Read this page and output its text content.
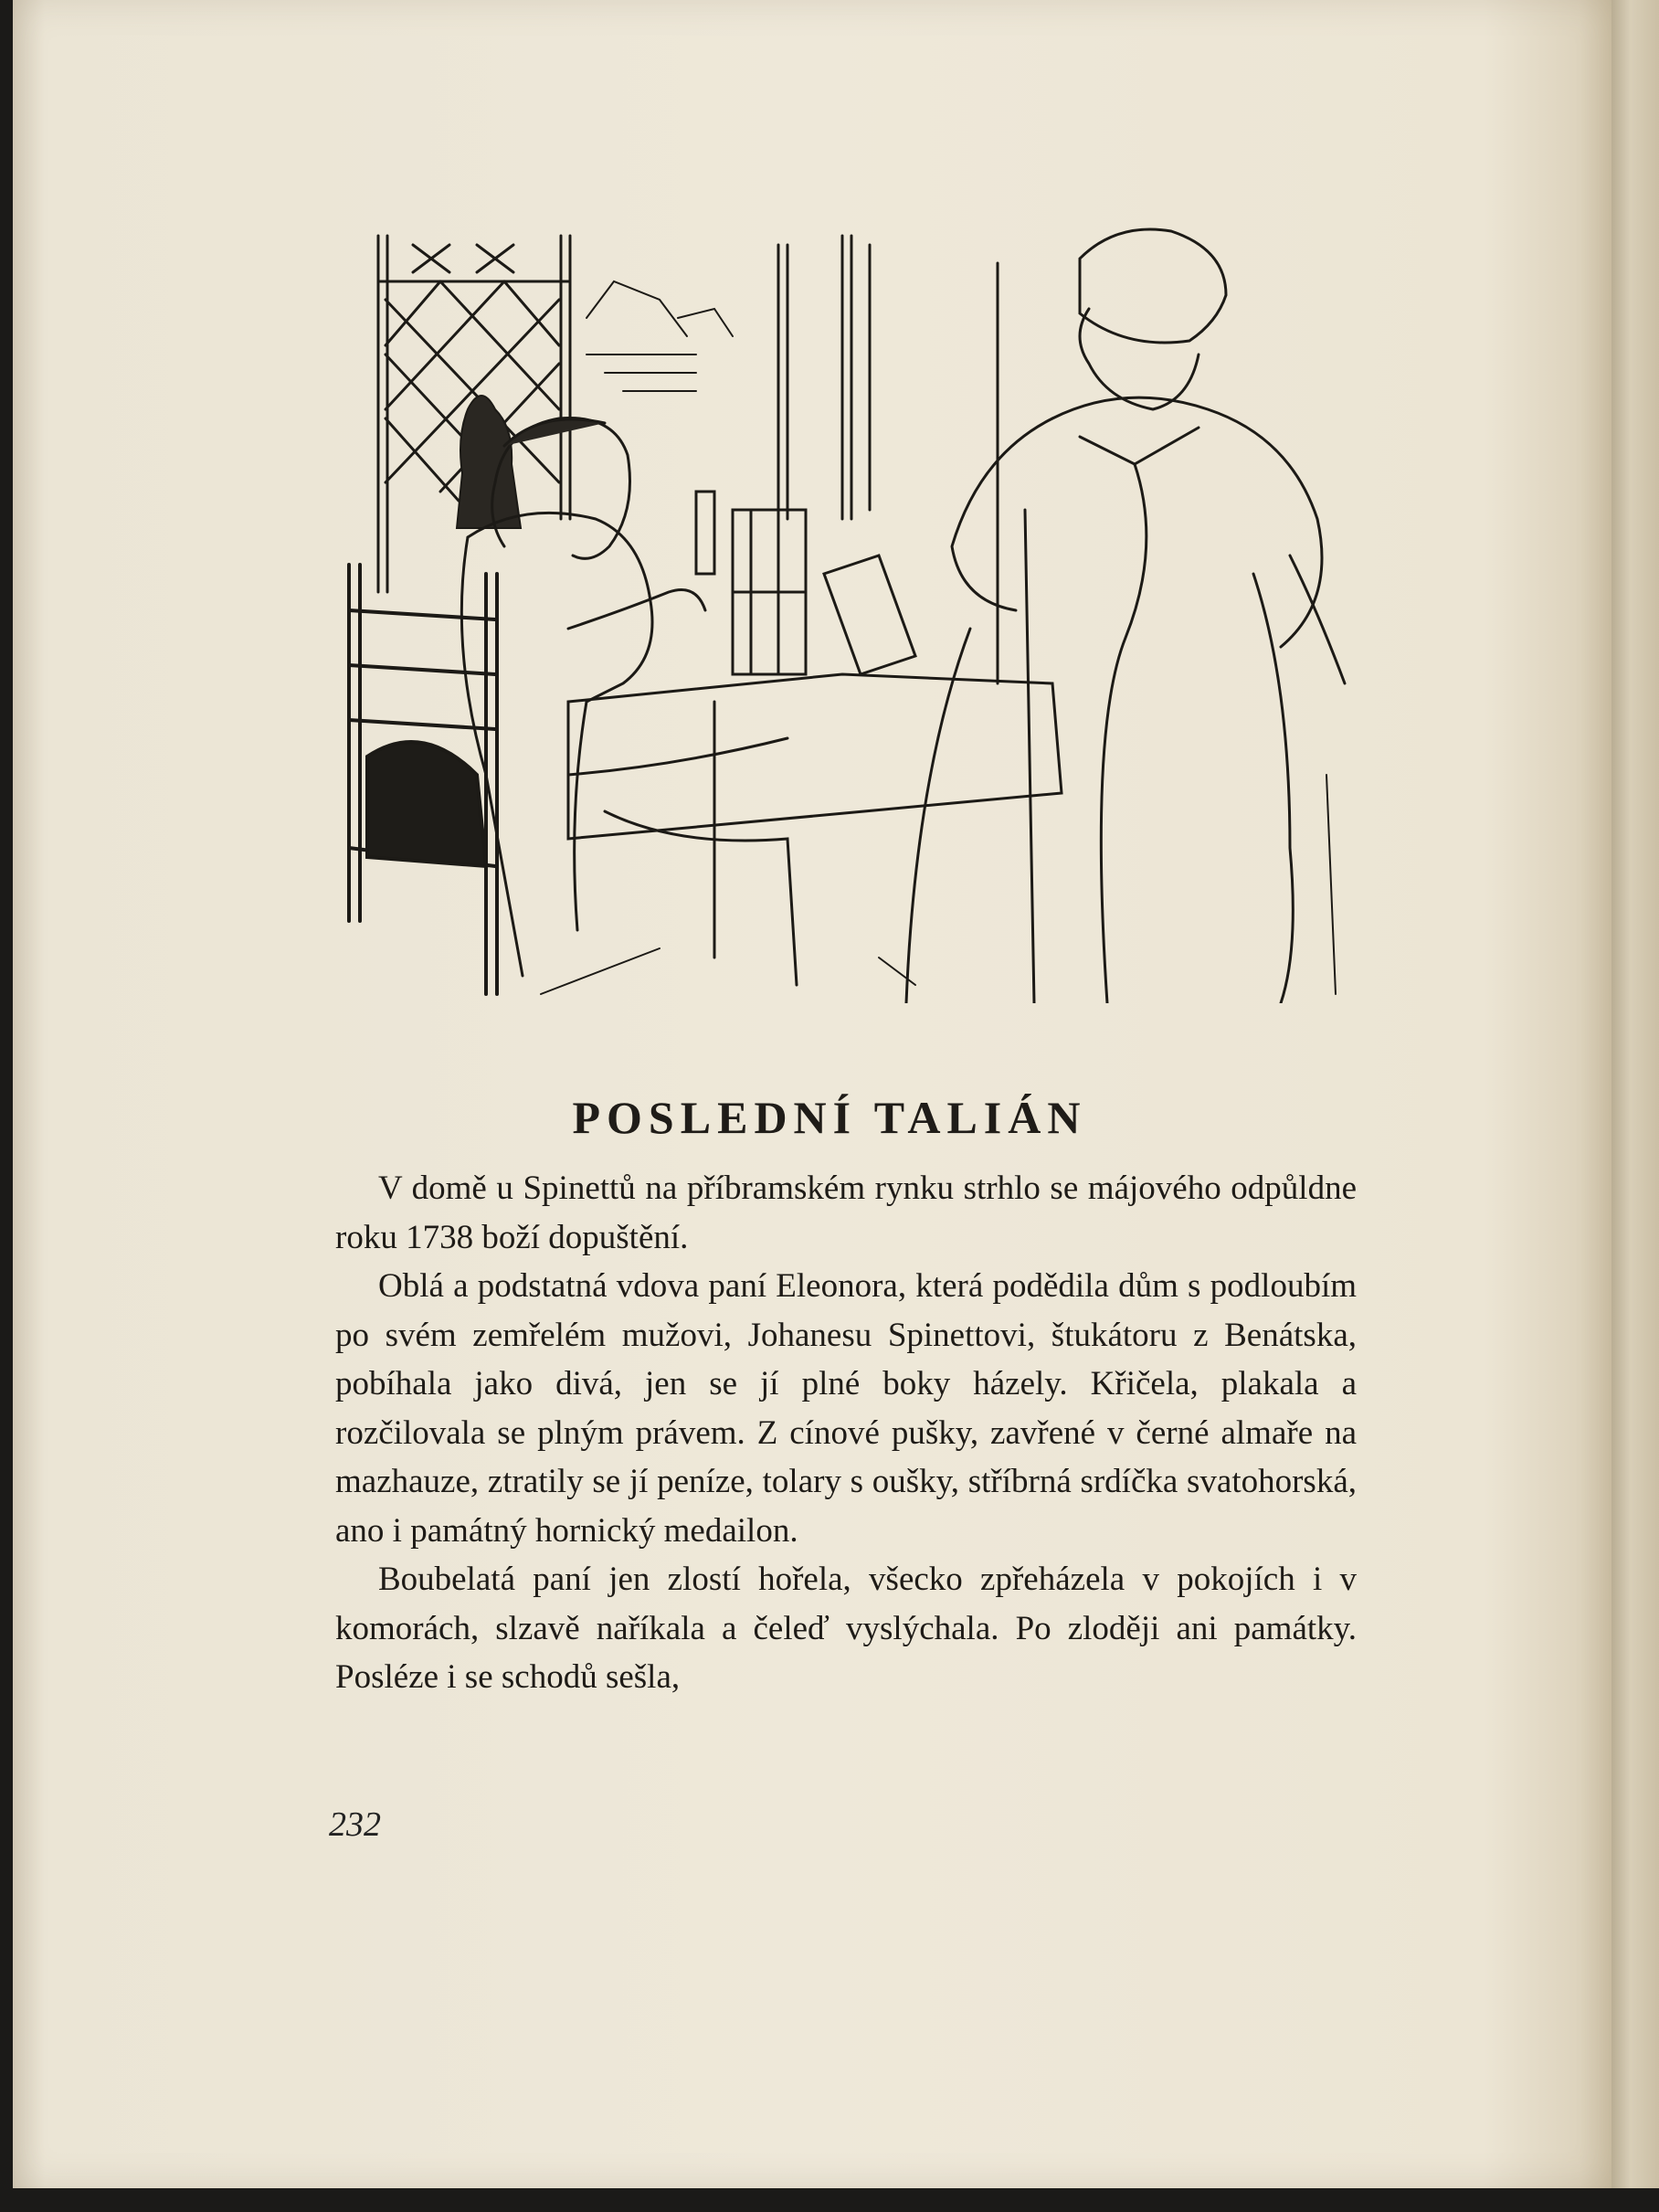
POSLEDNÍ TALIÁN

V domě u Spinettů na příbramském rynku strhlo se májového odpůldne roku 1738 boží dopuštění.

Oblá a podstatná vdova paní Eleonora, která podědila dům s podloubím po svém zemřelém mužovi, Johanesu Spinettovi, štukátoru z Benátska, pobíhala jako divá, jen se jí plné boky házely. Křičela, plakala a rozčilovala se plným právem. Z cínové pušky, zavřené v černé almaře na mazhauze, ztratily se jí peníze, tolary s oušky, stříbrná srdíčka svatohorská, ano i památný hornický medailon.

Boubelatá paní jen zlostí hořela, všecko zpřeházela v pokojích i v komorách, slzavě naříkala a čeleď vyslýchala. Po zloději ani památky. Posléze i se schodů sešla,

232
